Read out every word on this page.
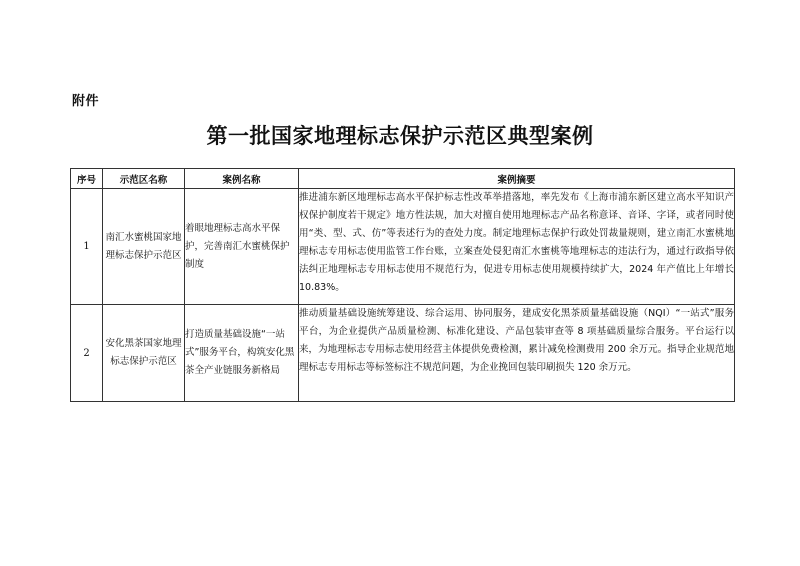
附件
第一批国家地理标志保护示范区典型案例
序号	示范区名称	案例名称	案例摘要
1	南汇水蜜桃国家地理标志保护示范区	着眼地理标志高水平保护，完善南汇水蜜桃保护制度	推进浦东新区地理标志高水平保护标志性改革举措落地，率先发布《上海市浦东新区建立高水平知识产权保护制度若干规定》地方性法规，加大对擅自使用地理标志产品名称意译、音译、字译，或者同时使用“类、型、式、仿”等表述行为的查处力度。制定地理标志保护行政处罚裁量规则，建立南汇水蜜桃地理标志专用标志使用监管工作台账，立案查处侵犯南汇水蜜桃等地理标志的违法行为，通过行政指导依法纠正地理标志专用标志使用不规范行为，促进专用标志使用规模持续扩大，2024 年产值比上年增长 10.83%。
2	安化黑茶国家地理标志保护示范区	打造质量基础设施“一站式”服务平台，构筑安化黑茶全产业链服务新格局	推动质量基础设施统筹建设、综合运用、协同服务，建成安化黑茶质量基础设施（NQI）“一站式”服务平台，为企业提供产品质量检测、标准化建设、产品包装审查等 8 项基础质量综合服务。平台运行以来，为地理标志专用标志使用经营主体提供免费检测，累计减免检测费用 200 余万元。指导企业规范地理标志专用标志等标签标注不规范问题，为企业挽回包装印刷损失 120 余万元。
